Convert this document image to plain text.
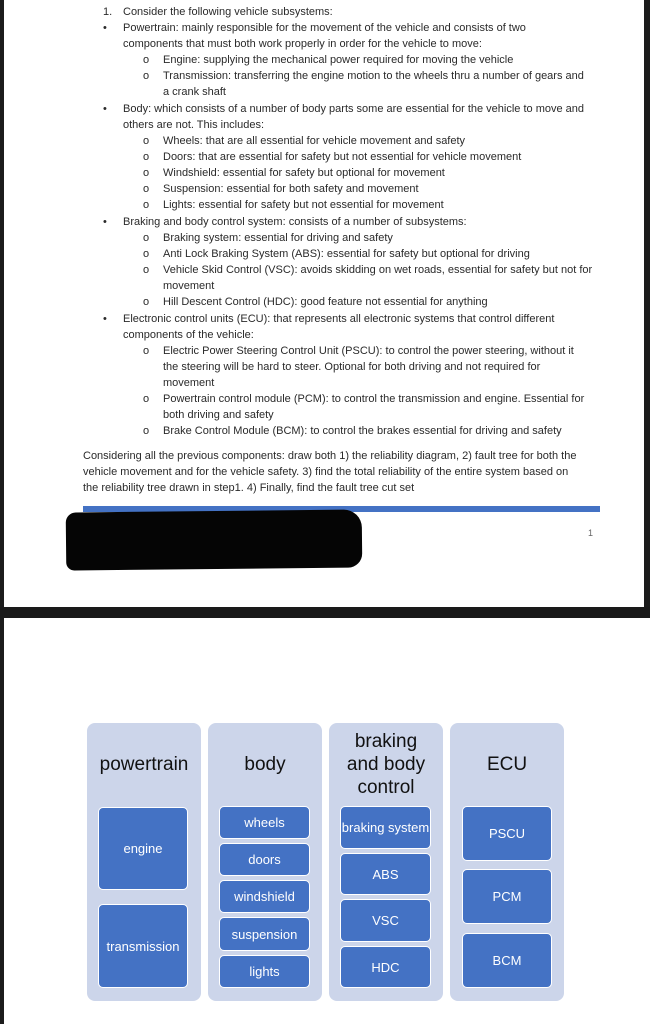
1. Consider the following vehicle subsystems:
• Powertrain: mainly responsible for the movement of the vehicle and consists of two
components that must both work properly in order for the vehicle to move:
o Engine: supplying the mechanical power required for moving the vehicle
o Transmission: transferring the engine motion to the wheels thru a number of gears and
a crank shaft
• Body: which consists of a number of body parts some are essential for the vehicle to move and
others are not. This includes:
o Wheels: that are all essential for vehicle movement and safety
o Doors: that are essential for safety but not essential for vehicle movement
o Windshield: essential for safety but optional for movement
o Suspension: essential for both safety and movement
o Lights: essential for safety but not essential for movement
• Braking and body control system: consists of a number of subsystems:
o Braking system: essential for driving and safety
o Anti Lock Braking System (ABS): essential for safety but optional for driving
o Vehicle Skid Control (VSC): avoids skidding on wet roads, essential for safety but not for
movement
o Hill Descent Control (HDC): good feature not essential for anything
• Electronic control units (ECU): that represents all electronic systems that control different
components of the vehicle:
o Electric Power Steering Control Unit (PSCU): to control the power steering, without it
the steering will be hard to steer. Optional for both driving and not required for
movement
o Powertrain control module (PCM): to control the transmission and engine. Essential for
both driving and safety
o Brake Control Module (BCM): to control the brakes essential for driving and safety
Considering all the previous components: draw both 1) the reliability diagram, 2) fault tree for both the
vehicle movement and for the vehicle safety. 3) find the total reliability of the entire system based on
the reliability tree drawn in step1. 4) Finally, find the fault tree cut set
1
powertrain
engine
transmission
body
wheels
doors
windshield
suspension
lights
braking and body control
braking system
ABS
VSC
HDC
ECU
PSCU
PCM
BCM
